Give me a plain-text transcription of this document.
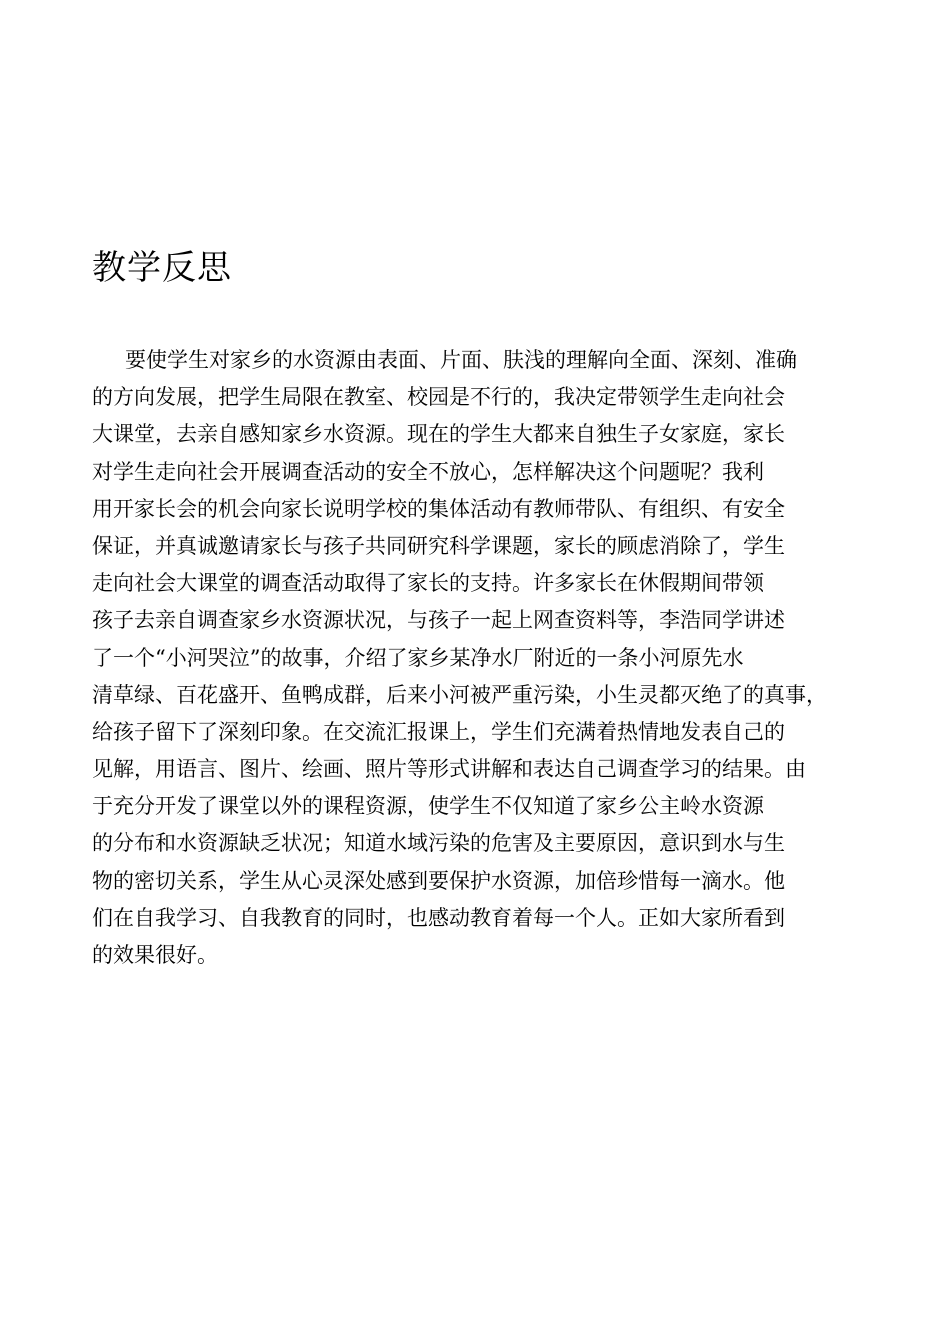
教学反思
要使学生对家乡的水资源由表面、片面、肤浅的理解向全面、深刻、准确
的方向发展，把学生局限在教室、校园是不行的，我决定带领学生走向社会
大课堂，去亲自感知家乡水资源。现在的学生大都来自独生子女家庭，家长
对学生走向社会开展调查活动的安全不放心，怎样解决这个问题呢？我利
用开家长会的机会向家长说明学校的集体活动有教师带队、有组织、有安全
保证，并真诚邀请家长与孩子共同研究科学课题，家长的顾虑消除了，学生
走向社会大课堂的调查活动取得了家长的支持。许多家长在休假期间带领
孩子去亲自调查家乡水资源状况，与孩子一起上网查资料等，李浩同学讲述
了一个“小河哭泣”的故事，介绍了家乡某净水厂附近的一条小河原先水
清草绿、百花盛开、鱼鸭成群，后来小河被严重污染，小生灵都灭绝了的真事，
给孩子留下了深刻印象。在交流汇报课上，学生们充满着热情地发表自己的
见解，用语言、图片、绘画、照片等形式讲解和表达自己调查学习的结果。由
于充分开发了课堂以外的课程资源，使学生不仅知道了家乡公主岭水资源
的分布和水资源缺乏状况；知道水域污染的危害及主要原因，意识到水与生
物的密切关系，学生从心灵深处感到要保护水资源，加倍珍惜每一滴水。他
们在自我学习、自我教育的同时，也感动教育着每一个人。正如大家所看到
的效果很好。
